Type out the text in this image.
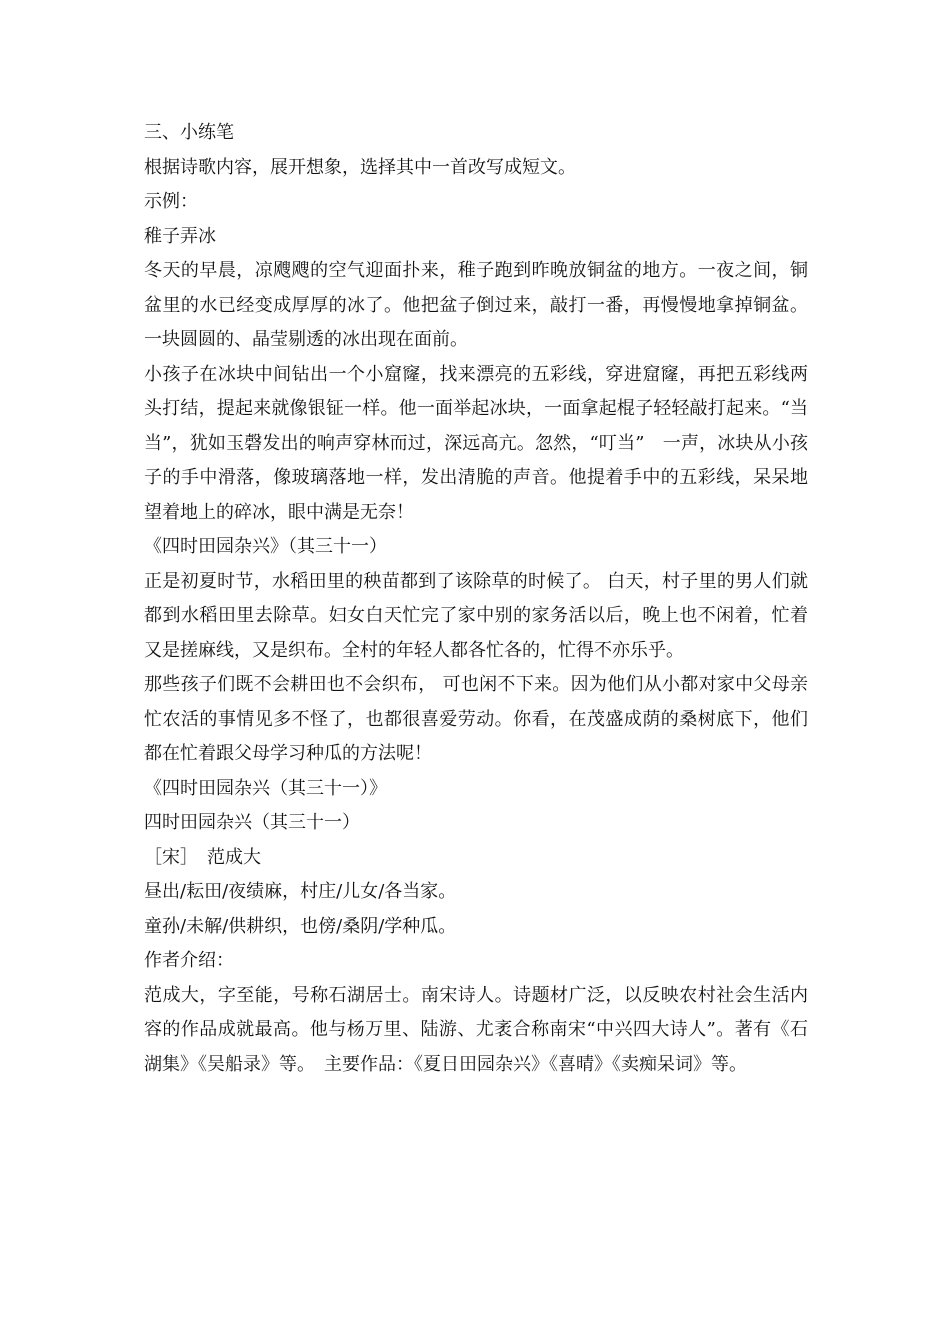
三、小练笔

根据诗歌内容，展开想象，选择其中一首改写成短文。

示例：

稚子弄冰

冬天的早晨，凉飕飕的空气迎面扑来，稚子跑到昨晚放铜盆的地方。一夜之间，铜盆里的水已经变成厚厚的冰了。他把盆子倒过来，敲打一番，再慢慢地拿掉铜盆。一块圆圆的、晶莹剔透的冰出现在面前。

小孩子在冰块中间钻出一个小窟窿，找来漂亮的五彩线，穿进窟窿，再把五彩线两头打结，提起来就像银钲一样。他一面举起冰块，一面拿起棍子轻轻敲打起来。“当当”，犹如玉磬发出的响声穿林而过，深远高亢。忽然，“叮当”　一声，冰块从小孩子的手中滑落，像玻璃落地一样，发出清脆的声音。他提着手中的五彩线，呆呆地望着地上的碎冰，眼中满是无奈！

《四时田园杂兴》（其三十一）

正是初夏时节，水稻田里的秧苗都到了该除草的时候了。 白天，村子里的男人们就都到水稻田里去除草。妇女白天忙完了家中别的家务活以后，晚上也不闲着，忙着又是搓麻线，又是织布。全村的年轻人都各忙各的，忙得不亦乐乎。

那些孩子们既不会耕田也不会织布， 可也闲不下来。因为他们从小都对家中父母亲忙农活的事情见多不怪了，也都很喜爱劳动。你看，在茂盛成荫的桑树底下，他们都在忙着跟父母学习种瓜的方法呢！

《四时田园杂兴（其三十一）》

四时田园杂兴（其三十一）

［宋］　范成大

昼出/耘田/夜绩麻，村庄/儿女/各当家。

童孙/未解/供耕织，也傍/桑阴/学种瓜。

作者介绍：

范成大，字至能，号称石湖居士。南宋诗人。诗题材广泛，以反映农村社会生活内容的作品成就最高。他与杨万里、陆游、尤袤合称南宋“中兴四大诗人”。著有《石湖集》《吴船录》等。　主要作品：《夏日田园杂兴》《喜晴》《卖痴呆词》等。
